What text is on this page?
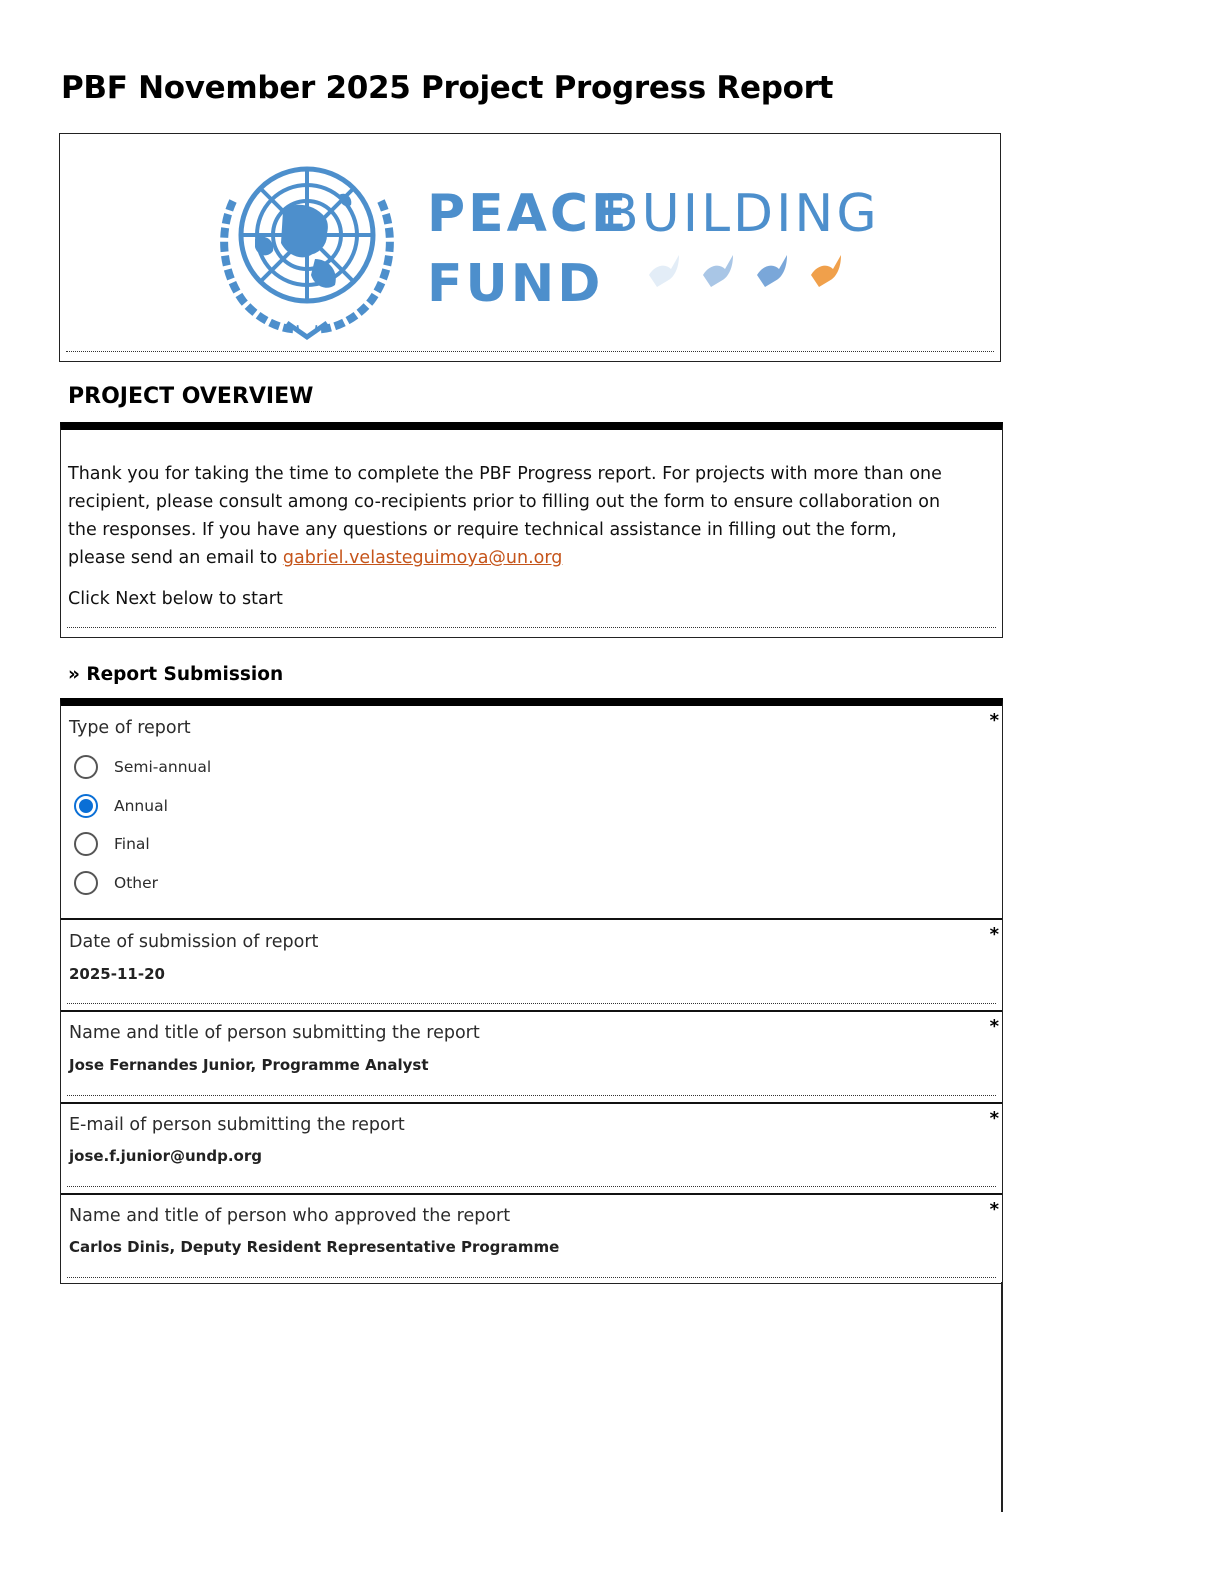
PBF November 2025 Project Progress Report
PEACE
BUILDING
FUND
PROJECT OVERVIEW
Thank you for taking the time to complete the PBF Progress report. For projects with more than one recipient, please consult among co-recipients prior to filling out the form to ensure collaboration on the responses. If you have any questions or require technical assistance in filling out the form, please send an email to gabriel.velasteguimoya@un.org
Click Next below to start
» Report Submission
Type of report	*
Semi-annual
Annual
Final
Other
Date of submission of report	*
2025-11-20
Name and title of person submitting the report	*
Jose Fernandes Junior, Programme Analyst
E-mail of person submitting the report	*
jose.f.junior@undp.org
Name and title of person who approved the report	*
Carlos Dinis, Deputy Resident Representative Programme
